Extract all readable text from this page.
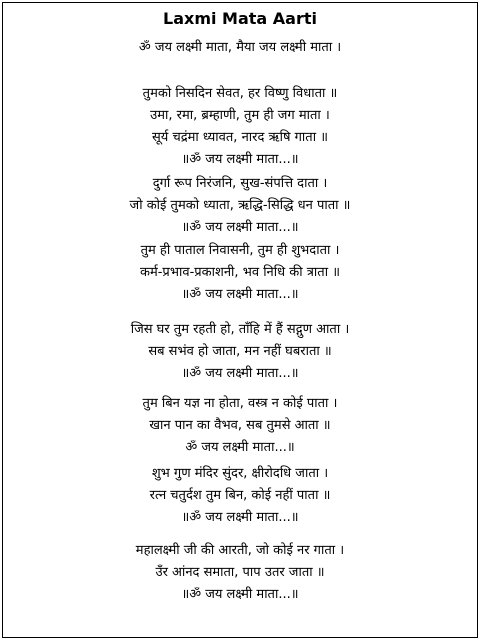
Laxmi Mata Aarti
ॐ जय लक्ष्मी माता, मैया जय लक्ष्मी माता ।
तुमको निसदिन सेवत, हर विष्णु विधाता ॥
उमा, रमा, ब्रम्हाणी, तुम ही जग माता ।
सूर्य चद्रंमा ध्यावत, नारद ऋषि गाता ॥
॥ॐ जय लक्ष्मी माता...॥
दुर्गा रूप निरंजनि, सुख-संपत्ति दाता ।
जो कोई तुमको ध्याता, ऋद्धि-सिद्धि धन पाता ॥
॥ॐ जय लक्ष्मी माता...॥
तुम ही पाताल निवासनी, तुम ही शुभदाता ।
कर्म-प्रभाव-प्रकाशनी, भव निधि की त्राता ॥
॥ॐ जय लक्ष्मी माता...॥
जिस घर तुम रहती हो, ताँहि में हैं सद्गुण आता ।
सब सभंव हो जाता, मन नहीं घबराता ॥
॥ॐ जय लक्ष्मी माता...॥
तुम बिन यज्ञ ना होता, वस्त्र न कोई पाता ।
खान पान का वैभव, सब तुमसे आता ॥
ॐ जय लक्ष्मी माता...॥
शुभ गुण मंदिर सुंदर, क्षीरोदधि जाता ।
रत्न चतुर्दश तुम बिन, कोई नहीं पाता ॥
॥ॐ जय लक्ष्मी माता...॥
महालक्ष्मी जी की आरती, जो कोई नर गाता ।
उँर आंनद समाता, पाप उतर जाता ॥
॥ॐ जय लक्ष्मी माता...॥
